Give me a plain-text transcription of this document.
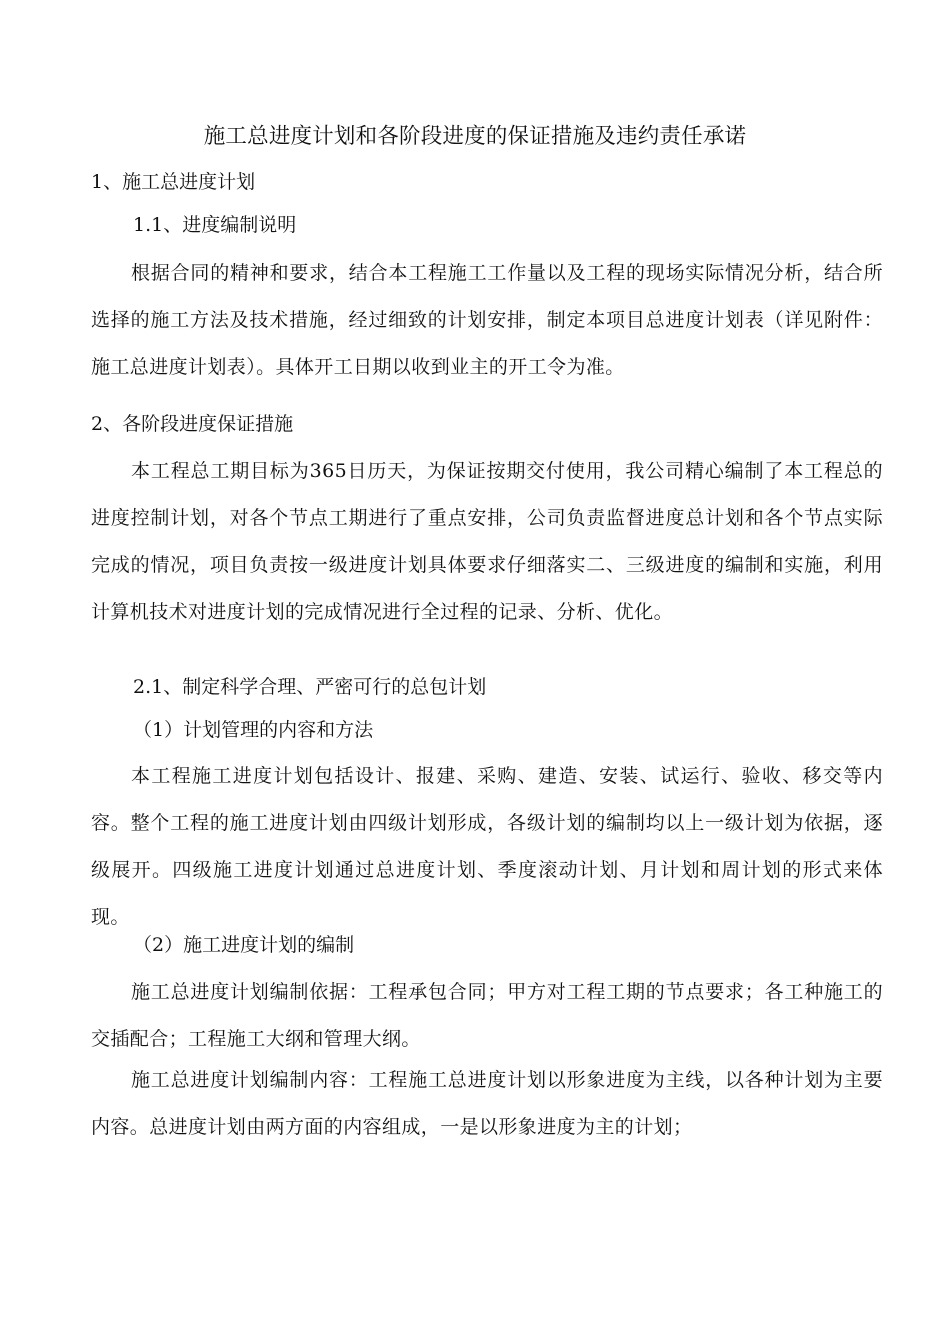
施工总进度计划和各阶段进度的保证措施及违约责任承诺
1、施工总进度计划
1.1、进度编制说明
根据合同的精神和要求，结合本工程施工工作量以及工程的现场实际情况分析，结合所选择的施工方法及技术措施，经过细致的计划安排，制定本项目总进度计划表（详见附件：施工总进度计划表）。具体开工日期以收到业主的开工令为准。
2、各阶段进度保证措施
本工程总工期目标为365日历天，为保证按期交付使用，我公司精心编制了本工程总的进度控制计划，对各个节点工期进行了重点安排，公司负责监督进度总计划和各个节点实际完成的情况，项目负责按一级进度计划具体要求仔细落实二、三级进度的编制和实施，利用计算机技术对进度计划的完成情况进行全过程的记录、分析、优化。
2.1、制定科学合理、严密可行的总包计划
（1）计划管理的内容和方法
本工程施工进度计划包括设计、报建、采购、建造、安装、试运行、验收、移交等内容。整个工程的施工进度计划由四级计划形成，各级计划的编制均以上一级计划为依据，逐级展开。四级施工进度计划通过总进度计划、季度滚动计划、月计划和周计划的形式来体现。
（2）施工进度计划的编制
施工总进度计划编制依据：工程承包合同；甲方对工程工期的节点要求；各工种施工的交插配合；工程施工大纲和管理大纲。
施工总进度计划编制内容：工程施工总进度计划以形象进度为主线，以各种计划为主要内容。总进度计划由两方面的内容组成，一是以形象进度为主的计划；
